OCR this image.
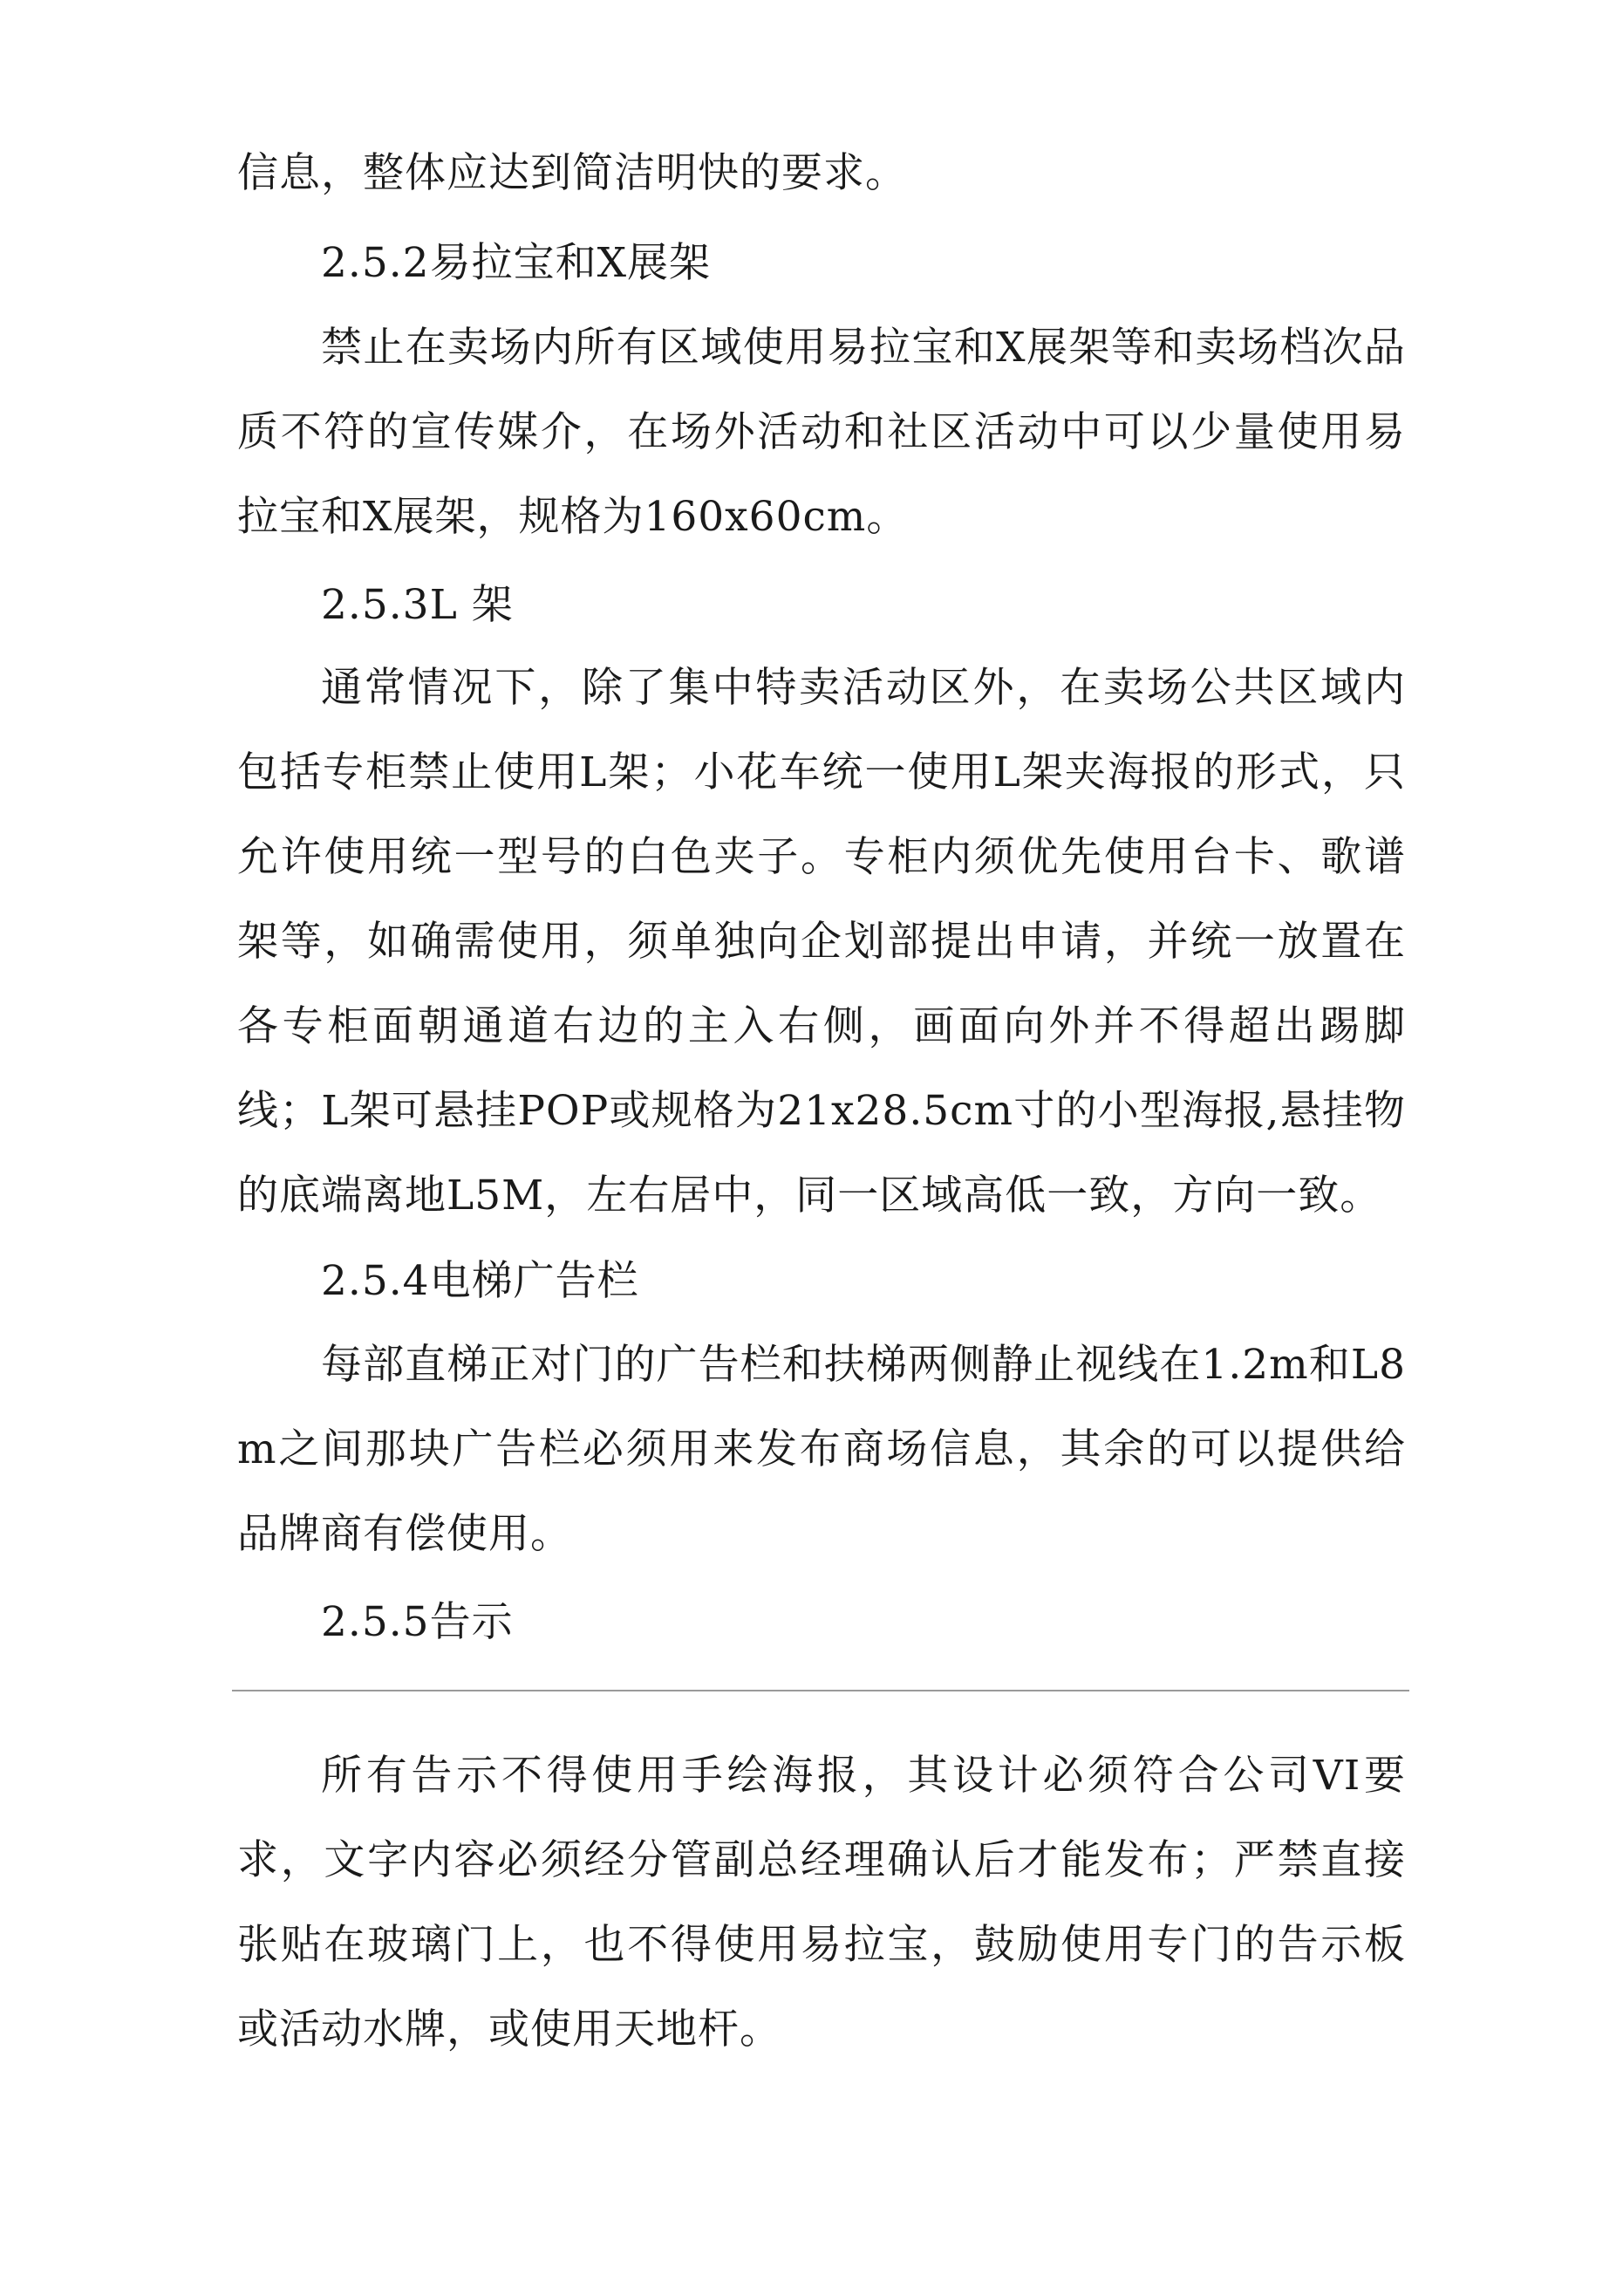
信息，整体应达到简洁明快的要求。
2.5.2易拉宝和X展架
禁止在卖场内所有区域使用易拉宝和X展架等和卖场档次品质不符的宣传媒介，在场外活动和社区活动中可以少量使用易拉宝和X展架，规格为160x60cm。
2.5.3L 架
通常情况下，除了集中特卖活动区外，在卖场公共区域内包括专柜禁止使用L架；小花车统一使用L架夹海报的形式，只允许使用统一型号的白色夹子。专柜内须优先使用台卡、歌谱架等，如确需使用，须单独向企划部提出申请，并统一放置在各专柜面朝通道右边的主入右侧，画面向外并不得超出踢脚线；L架可悬挂POP或规格为21x28.5cm寸的小型海报,悬挂物的底端离地L5M，左右居中，同一区域高低一致，方向一致。
2.5.4电梯广告栏
每部直梯正对门的广告栏和扶梯两侧静止视线在1.2m和L8m之间那块广告栏必须用来发布商场信息，其余的可以提供给品牌商有偿使用。
2.5.5告示
所有告示不得使用手绘海报，其设计必须符合公司VI要求，文字内容必须经分管副总经理确认后才能发布；严禁直接张贴在玻璃门上，也不得使用易拉宝，鼓励使用专门的告示板或活动水牌，或使用天地杆。
